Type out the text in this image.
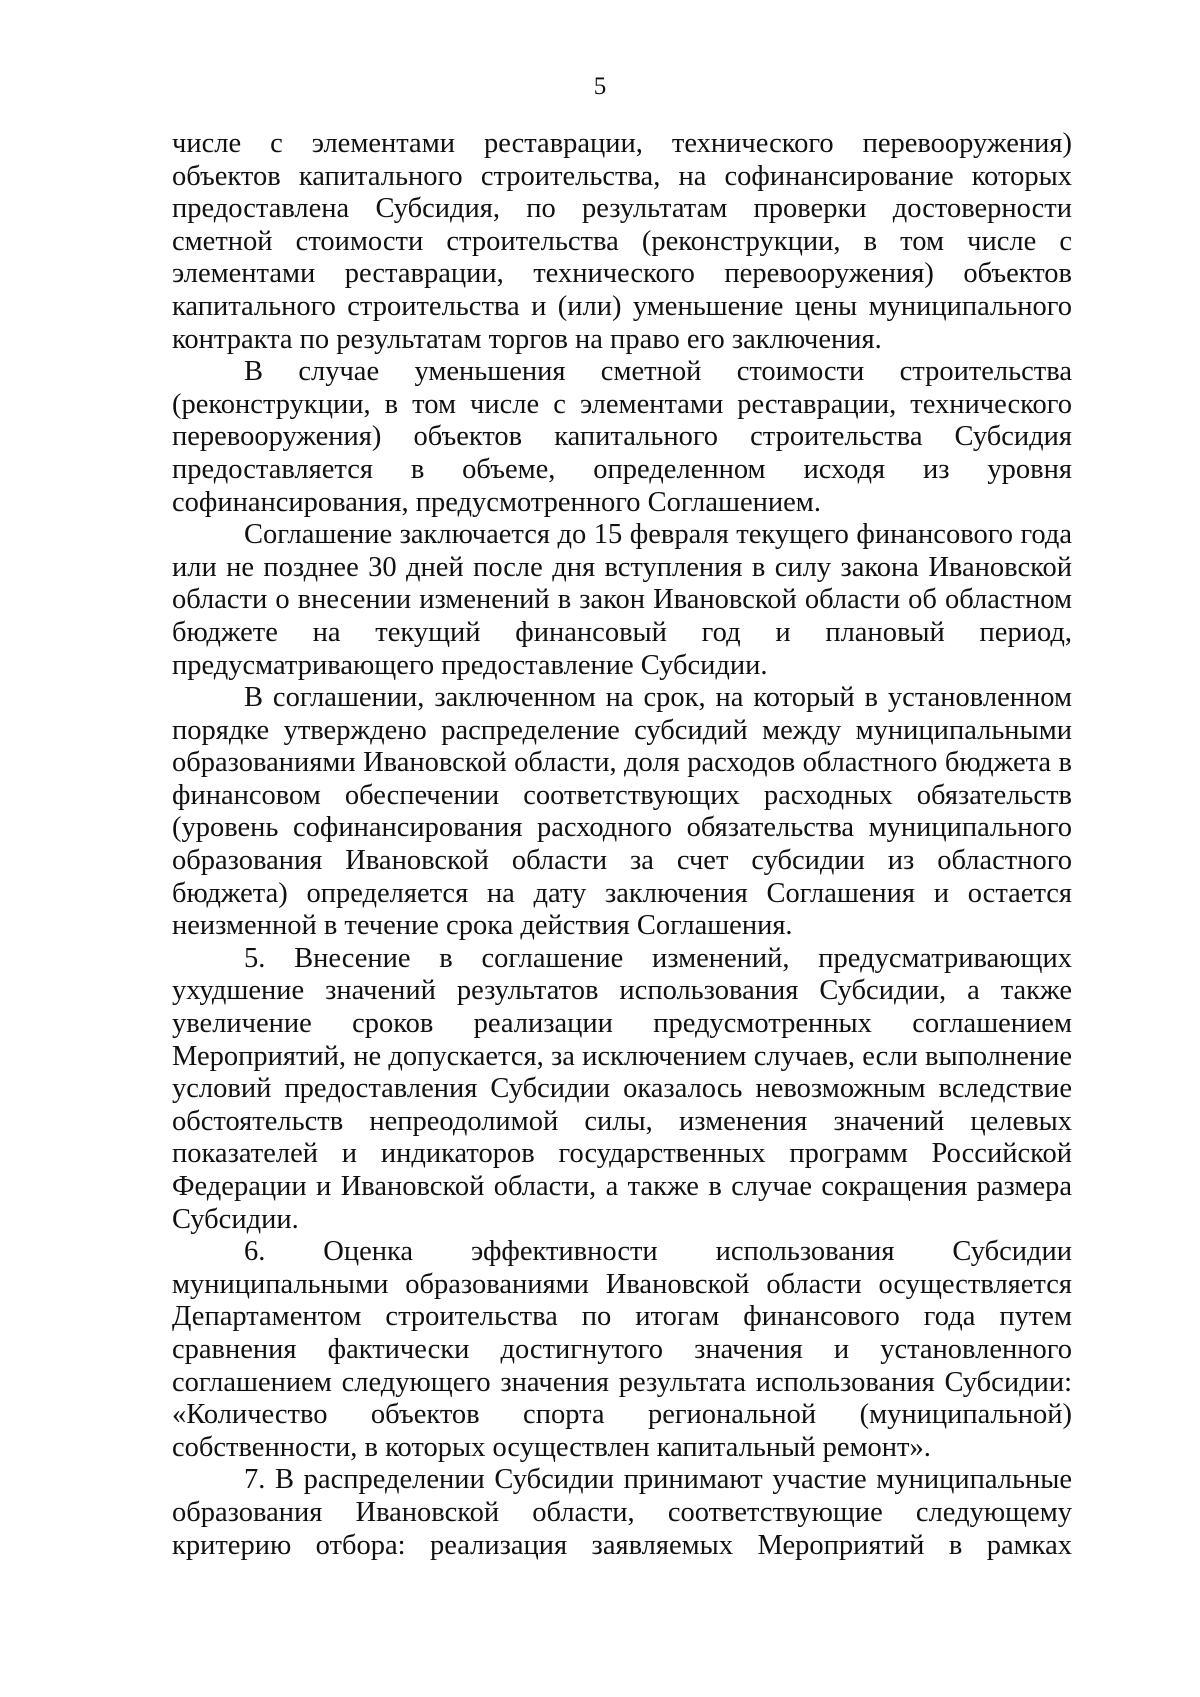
5

числе с элементами реставрации, технического перевооружения) объектов капитального строительства, на софинансирование которых предоставлена Субсидия, по результатам проверки достоверности сметной стоимости строительства (реконструкции, в том числе с элементами реставрации, технического перевооружения) объектов капитального строительства и (или) уменьшение цены муниципального контракта по результатам торгов на право его заключения.

В случае уменьшения сметной стоимости строительства (реконструкции, в том числе с элементами реставрации, технического перевооружения) объектов капитального строительства Субсидия предоставляется в объеме, определенном исходя из уровня софинансирования, предусмотренного Соглашением.

Соглашение заключается до 15 февраля текущего финансового года или не позднее 30 дней после дня вступления в силу закона Ивановской области о внесении изменений в закон Ивановской области об областном бюджете на текущий финансовый год и плановый период, предусматривающего предоставление Субсидии.

В соглашении, заключенном на срок, на который в установленном порядке утверждено распределение субсидий между муниципальными образованиями Ивановской области, доля расходов областного бюджета в финансовом обеспечении соответствующих расходных обязательств (уровень софинансирования расходного обязательства муниципального образования Ивановской области за счет субсидии из областного бюджета) определяется на дату заключения Соглашения и остается неизменной в течение срока действия Соглашения.

5. Внесение в соглашение изменений, предусматривающих ухудшение значений результатов использования Субсидии, а также увеличение сроков реализации предусмотренных соглашением Мероприятий, не допускается, за исключением случаев, если выполнение условий предоставления Субсидии оказалось невозможным вследствие обстоятельств непреодолимой силы, изменения значений целевых показателей и индикаторов государственных программ Российской Федерации и Ивановской области, а также в случае сокращения размера Субсидии.

6. Оценка эффективности использования Субсидии муниципальными образованиями Ивановской области осуществляется Департаментом строительства по итогам финансового года путем сравнения фактически достигнутого значения и установленного соглашением следующего значения результата использования Субсидии: «Количество объектов спорта региональной (муниципальной) собственности, в которых осуществлен капитальный ремонт».

7. В распределении Субсидии принимают участие муниципальные образования Ивановской области, соответствующие следующему критерию отбора: реализация заявляемых Мероприятий в рамках
